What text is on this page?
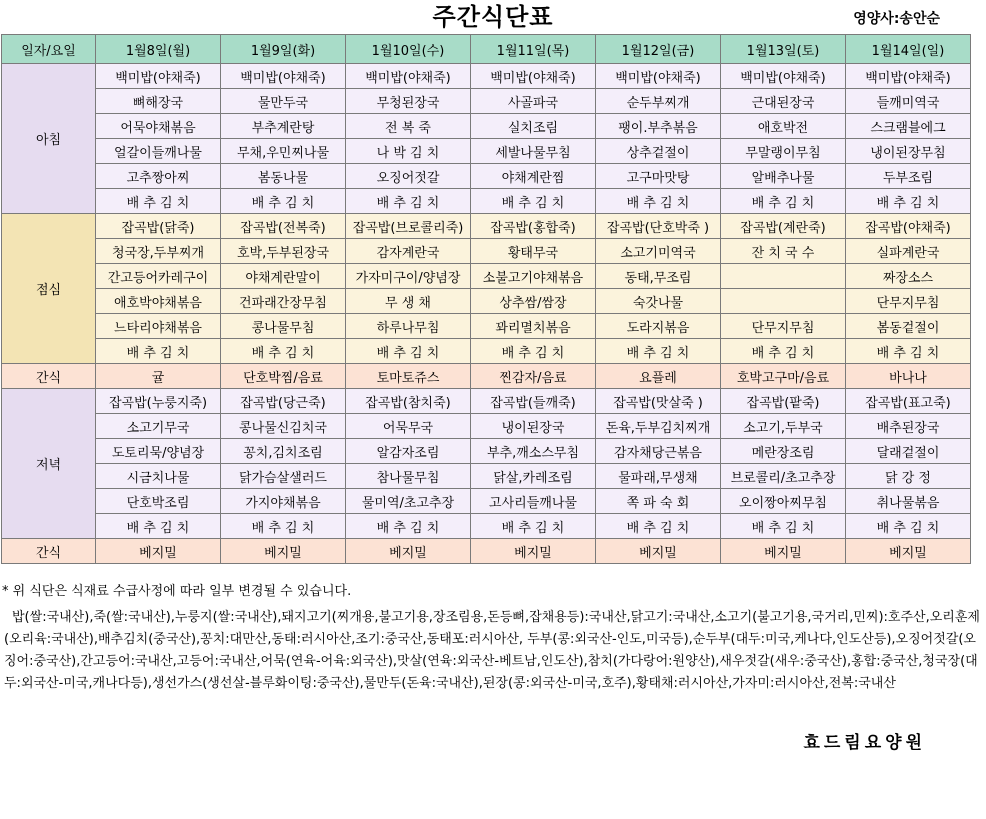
주간식단표	영양사:송안순
일자/요일	1월8일(월)	1월9일(화)	1월10일(수)	1월11일(목)	1월12일(금)	1월13일(토)	1월14일(일)
아침	백미밥(야채죽)	백미밥(야채죽)	백미밥(야채죽)	백미밥(야채죽)	백미밥(야채죽)	백미밥(야채죽)	백미밥(야채죽)
	뼈해장국	물만두국	무청된장국	사골파국	순두부찌개	근대된장국	들깨미역국
	어묵야채볶음	부추계란탕	전 복 죽	실치조림	팽이.부추볶음	애호박전	스크램블에그
	얼갈이들깨나물	무채,우민찌나물	나 박 김 치	세발나물무침	상추겉절이	무말랭이무침	냉이된장무침
	고추짱아찌	봄동나물	오징어젓갈	야채계란찜	고구마맛탕	알배추나물	두부조림
	배 추 김 치	배 추 김 치	배 추 김 치	배 추 김 치	배 추 김 치	배 추 김 치	배 추 김 치
점심	잡곡밥(닭죽)	잡곡밥(전복죽)	잡곡밥(브로콜리죽)	잡곡밥(홍합죽)	잡곡밥(단호박죽 )	잡곡밥(계란죽)	잡곡밥(야채죽)
	청국장,두부찌개	호박,두부된장국	감자계란국	황태무국	소고기미역국	잔 치 국 수	실파계란국
	간고등어카레구이	야채계란말이	가자미구이/양념장	소불고기야채볶음	동태,무조림		짜장소스
	애호박야채볶음	건파래간장무침	무 생 채	상추쌈/쌈장	숙갓나물		단무지무침
	느타리야채볶음	콩나물무침	하루나무침	꽈리멸치볶음	도라지볶음	단무지무침	봄동겉절이
	배 추 김 치	배 추 김 치	배 추 김 치	배 추 김 치	배 추 김 치	배 추 김 치	배 추 김 치
간식	귤	단호박찜/음료	토마토쥬스	찐감자/음료	요플레	호박고구마/음료	바나나
저녁	잡곡밥(누룽지죽)	잡곡밥(당근죽)	잡곡밥(참치죽)	잡곡밥(들깨죽)	잡곡밥(맛살죽 )	잡곡밥(팥죽)	잡곡밥(표고죽)
	소고기무국	콩나물신김치국	어묵무국	냉이된장국	돈육,두부김치찌개	소고기,두부국	배추된장국
	도토리묵/양념장	꽁치,김치조림	알감자조림	부추,깨소스무침	감자채당근볶음	메란장조림	달래겉절이
	시금치나물	닭가슴살샐러드	참나물무침	닭살,카레조림	물파래,무생채	브로콜리/초고추장	닭 강 정
	단호박조림	가지야채볶음	물미역/초고추장	고사리들깨나물	쪽 파 숙 회	오이짱아찌무침	취나물볶음
	배 추 김 치	배 추 김 치	배 추 김 치	배 추 김 치	배 추 김 치	배 추 김 치	배 추 김 치
간식	베지밀	베지밀	베지밀	베지밀	베지밀	베지밀	베지밀
* 위 식단은 식재료 수급사정에 따라 일부 변경될 수 있습니다.
밥(쌀:국내산),죽(쌀:국내산),누룽지(쌀:국내산),돼지고기(찌개용,불고기용,장조림용,돈등뼈,잡채용등):국내산,닭고기:국내산,소고기(불고기용,국거리,민찌):호주산,오리훈제(오리육:국내산),배추김치(중국산),꽁치:대만산,동태:러시아산,조기:중국산,동태포:러시아산, 두부(콩:외국산-인도,미국등),순두부(대두:미국,케나다,인도산등),오징어젓갈(오징어:중국산),간고등어:국내산,고등어:국내산,어묵(연육-어육:외국산),맛살(연육:외국산-베트남,인도산),참치(가다랑어:원양산),새우젓갈(새우:중국산),홍합:중국산,청국장(대두:외국산-미국,캐나다등),생선가스(생선살-블루화이팅:중국산),물만두(돈육:국내산),된장(콩:외국산-미국,호주),황태채:러시아산,가자미:러시아산,전복:국내산
효드림요양원
